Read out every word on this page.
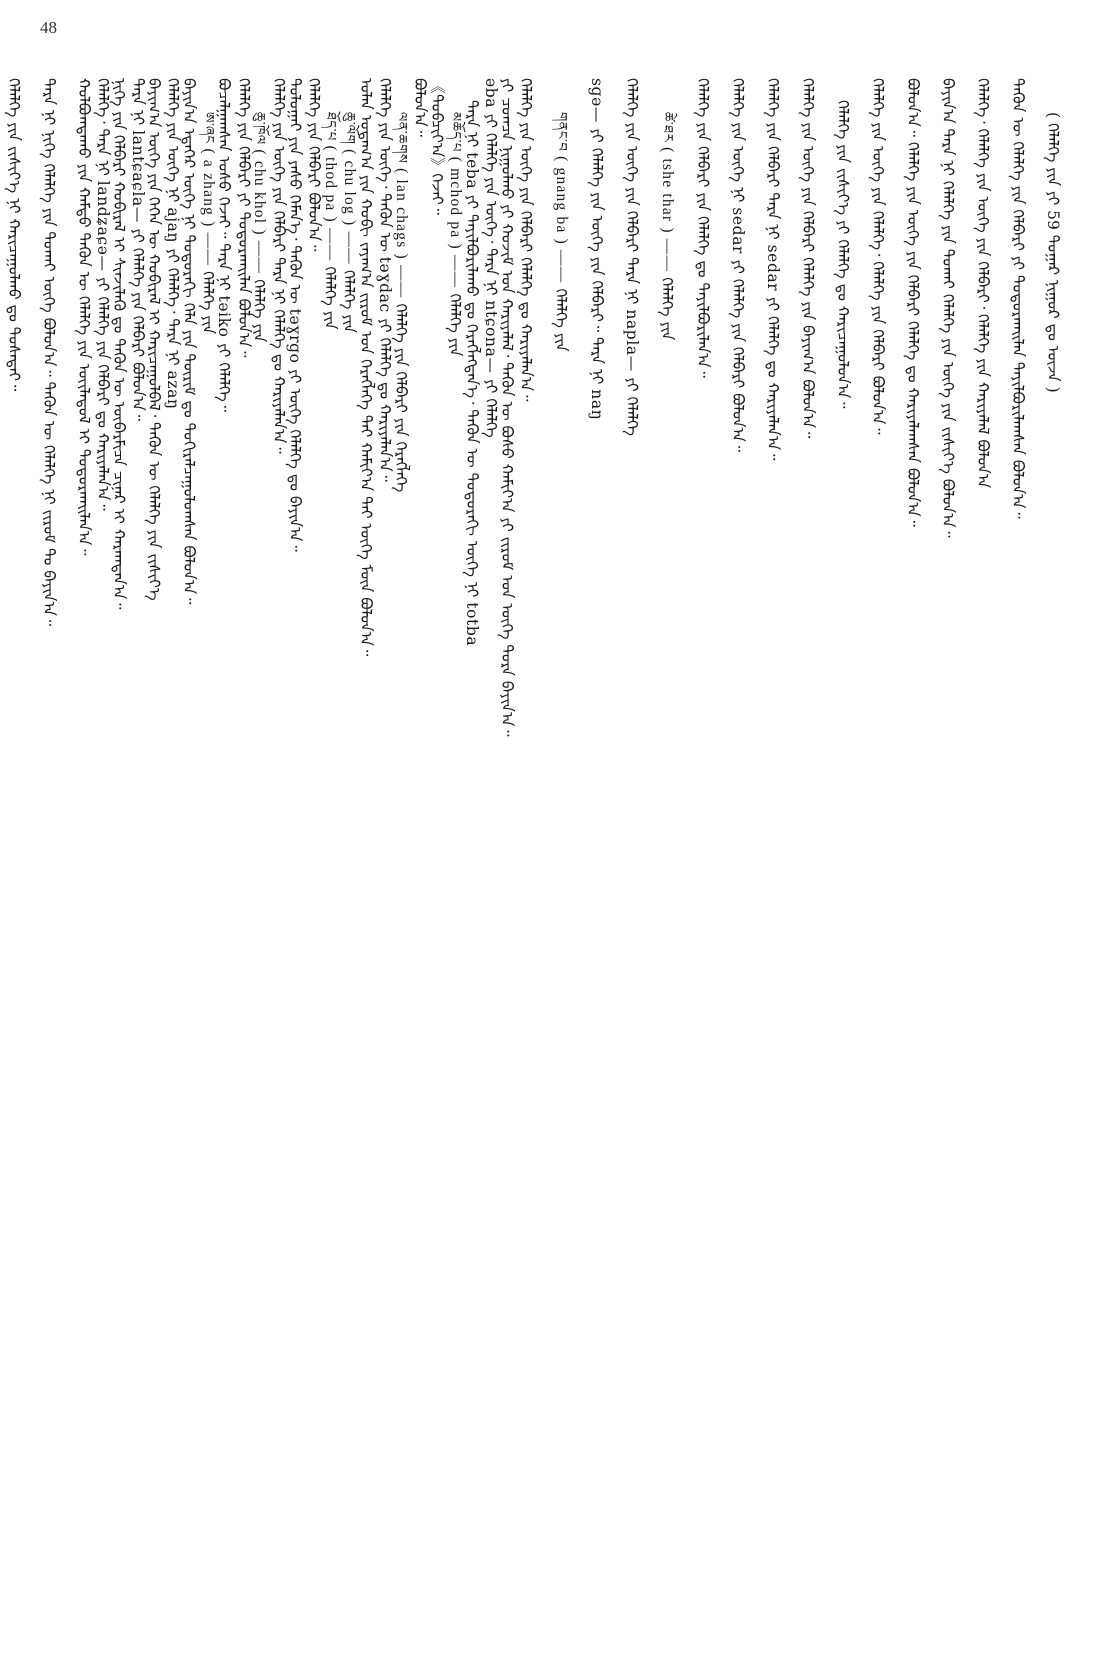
48
( ᠬᠡᠯᠡᠯᠭᠡ ᠶᠢᠨ ᠶᠢ 59 ᠳᠤᠭᠠᠷ ᠨᠢᠭᠤᠷ ᠳᠤ ᠦᠵᠡ )
ᠲᠡᠭᠦᠨ ᠦ ᠬᠡᠯᠡᠯᠭᠡ ᠶᠢᠨ ᠬᠡᠯᠪᠡᠷᠢ ᠶᠢ ᠲᠣᠳᠣᠷᠬᠠᠢᠯᠠᠨ ᠲᠠᠶᠢᠯᠪᠤᠷᠢᠯᠠᠭᠰᠠᠨ ᠪᠣᠯᠤᠨ᠎ᠠ᠃
ᠬᠡᠯᠡᠯᠭᠡ᠂ ᠬᠡᠯᠡᠯᠭᠡ ᠶᠢᠨ ᠦᠭᠡ ᠶᠢᠨ ᠬᠡᠯᠪᠡᠷᠢ᠂ ᠬᠡᠯᠡᠯᠭᠡ ᠶᠢᠨ ᠬᠠᠷᠢᠶᠠᠯᠠᠯ ᠪᠣᠯᠤᠨ᠎ᠠ
ᠪᠠᠶᠢᠨ᠎ᠠ ᠲᠡᠷᠡ ᠨᠢ ᠬᠡᠯᠡᠯᠭᠡ ᠶᠢᠨ ᠲᠣᠬᠠᠶ ᠬᠡᠯᠡᠯᠭᠡ ᠶᠢᠨ ᠦᠭᠡ ᠶᠢᠨ ᠵᠢᠱᠢᠶ᠎ᠡ ᠪᠣᠯᠤᠨ᠎ᠠ᠃
ᠪᠣᠯᠤᠨ᠎ᠠ᠃ ᠬᠡᠯᠡᠯᠭᠡ ᠶᠢᠨ ᠦᠭᠡ ᠶᠢᠨ ᠬᠡᠯᠪᠡᠷᠢ ᠬᠡᠯᠡᠯᠭᠡ ᠳᠤ ᠬᠠᠷᠢᠶᠠᠯᠠᠭᠰᠠᠨ ᠪᠣᠯᠤᠨ᠎ᠠ᠃
ᠬᠡᠯᠡᠯᠭᠡ ᠶᠢᠨ ᠦᠭᠡ ᠶᠢᠨ ᠬᠡᠯᠡᠯᠭᠡ᠂ ᠬᠡᠯᠡᠯᠭᠡ ᠶᠢᠨ ᠬᠡᠯᠪᠡᠷᠢ ᠪᠣᠯᠤᠨ᠎ᠠ᠃
ᠬᠡᠯᠡᠯᠭᠡ ᠶᠢᠨ ᠵᠢᠱᠢᠶ᠎ᠡ ᠶᠢ ᠬᠡᠯᠡᠯᠭᠡ ᠳᠤ ᠬᠠᠷᠢᠴᠠᠭᠤᠯᠤᠨ᠎ᠠ᠃
ᠬᠡᠯᠡᠯᠭᠡ ᠶᠢᠨ ᠦᠭᠡ ᠶᠢᠨ ᠬᠡᠯᠪᠡᠷᠢ ᠬᠡᠯᠡᠯᠭᠡ ᠶᠢᠨ ᠪᠠᠶᠢᠭ᠎ᠠ ᠪᠣᠯᠤᠨ᠎ᠠ᠃
ᠬᠡᠯᠡᠯᠭᠡ ᠶᠢᠨ ᠬᠡᠯᠪᠡᠷᠢ ᠲᠡᠷᠡ ᠨᠢ sedar ᠶᠢ ᠬᠡᠯᠡᠯᠭᠡ ᠳᠤ ᠬᠠᠷᠢᠶᠠᠯᠠᠨ᠎ᠠ᠃
ᠬᠡᠯᠡᠯᠭᠡ ᠶᠢᠨ ᠦᠭᠡ ᠨᠢ sedar ᠶᠢ ᠬᠡᠯᠡᠯᠭᠡ ᠶᠢᠨ ᠬᠡᠯᠪᠡᠷᠢ ᠪᠣᠯᠤᠨ᠎ᠠ᠃
ᠬᠡᠯᠡᠯᠭᠡ ᠶᠢᠨ ᠬᠡᠯᠪᠡᠷᠢ ᠶᠢᠨ ᠬᠡᠯᠡᠯᠭᠡ ᠳᠤ ᠲᠠᠶᠢᠯᠪᠤᠷᠢᠯᠠᠨ᠎ᠠ᠃
ཚེ་ཐར ( tshe thar ) —— ᠬᠡᠯᠡᠯᠭᠡ ᠶᠢᠨ
ᠬᠡᠯᠡᠯᠭᠡ ᠶᠢᠨ ᠦᠭᠡ ᠶᠢᠨ ᠬᠡᠯᠪᠡᠷᠢ ᠲᠡᠷᠡ ᠨᠢ napla— ᠶᠢ ᠬᠡᠯᠡᠯᠭᠡ
sɡə— ᠶᠢ ᠬᠡᠯᠡᠯᠭᠡ ᠶᠢᠨ ᠦᠭᠡ ᠶᠢᠨ ᠬᠡᠯᠪᠡᠷᠢ᠃ ᠲᠡᠷᠡ ᠨᠢ naŋ
གནང་བ ( gnang ba ) —— ᠬᠡᠯᠡᠯᠭᠡ ᠶᠢᠨ
ᠬᠡᠯᠡᠯᠭᠡ ᠶᠢᠨ ᠦᠭᠡ ᠶᠢᠨ ᠬᠡᠯᠪᠡᠷᠢ ᠬᠡᠯᠡᠯᠭᠡ ᠳᠤ ᠬᠠᠷᠢᠶᠠᠯᠠᠨ᠎ᠠ᠃
əba ᠶᠢ ᠬᠡᠯᠡᠯᠭᠡ ᠶᠢᠨ ᠦᠭᠡ᠂ ᠲᠡᠷᠡ ᠨᠢ ntɕona— ᠶᠢ ᠬᠡᠯᠡᠯᠭᠡ
མཆོད་པ ( mchod pa ) —— ᠬᠡᠯᠡᠯᠭᠡ ᠶᠢᠨ
ᠪᠣᠯᠤᠨ᠎ᠠ᠃
ᠬᠡᠯᠡᠯᠭᠡ ᠶᠢᠨ ᠦᠭᠡ᠂ ᠲᠡᠭᠦᠨ ᠦ təɣdac ᠶᠢ ᠬᠡᠯᠡᠯᠭᠡ ᠳᠤ ᠬᠠᠷᠢᠶᠠᠯᠠᠨ᠎ᠠ᠃
ཆུ་ལོག ( chu log ) —— ᠬᠡᠯᠡᠯᠭᠡ ᠶᠢᠨ
ᠬᠡᠯᠡᠯᠭᠡ ᠶᠢᠨ ᠬᠡᠯᠪᠡᠷᠢ ᠪᠣᠯᠤᠨ᠎ᠠ᠃
ᠬᠡᠯᠡᠯᠭᠡ ᠶᠢᠨ ᠦᠭᠡ ᠶᠢᠨ ᠬᠡᠯᠪᠡᠷᠢ ᠲᠡᠷᠡ ᠨᠢ ᠬᠡᠯᠡᠯᠭᠡ ᠳᠤ ᠬᠠᠷᠢᠶᠠᠯᠠᠨ᠎ᠠ᠃
ᠬᠡᠯᠡᠯᠭᠡ ᠶᠢᠨ ᠬᠡᠯᠪᠡᠷᠢ ᠶᠢ ᠲᠣᠳᠣᠷᠬᠠᠢᠯᠠᠨ ᠪᠣᠯᠤᠨ᠎ᠠ᠃
ཨ་ཞང ( a zhang ) —— ᠬᠡᠯᠡᠯᠭᠡ ᠶᠢᠨ
ᠬᠡᠯᠡᠯᠭᠡ ᠶᠢᠨ ᠦᠭᠡ ᠨᠢ ajaŋ ᠶᠢ ᠬᠡᠯᠡᠯᠭᠡ᠂ ᠲᠡᠷᠡ ᠨᠢ azaŋ
ᠲᠡᠷᠡ ᠨᠢ lantɕaɕla— ᠶᠢ ᠬᠡᠯᠡᠯᠭᠡ ᠶᠢᠨ ᠬᠡᠯᠪᠡᠷᠢ ᠪᠣᠯᠤᠨ᠎ᠠ᠃
ᠬᠡᠯᠡᠯᠭᠡ᠂ ᠲᠡᠷᠡ ᠨᠢ landʑaɕə— ᠶᠢ ᠬᠡᠯᠡᠯᠭᠡ ᠶᠢᠨ ᠬᠡᠯᠪᠡᠷᠢ ᠳᠤ ᠬᠠᠷᠢᠶᠠᠯᠠᠨ᠎ᠠ᠃	ᠶᠢ ᠴᠣᠭᠴᠠ ᠨᠢᠭᠤᠯᠬᠤ ᠶᠢ ᠬᠤᠵᠢᠮ ᠤᠨ ᠬᠠᠷᠢᠶᠠᠯᠠᠯ᠂ ᠲᠡᠭᠦᠨ ᠦ ᠪᠤᠰᠤ ᠬᠠᠮᠢᠶ᠎ᠠ ᠶᠢ ᠵᠢᠷᠤᠮ ᠤᠨ ᠦᠭᠡ ᠳᠣᠷᠠ ᠪᠠᠶᠢᠨ᠎ᠠ᠃
ᠲᠡᠷᠡ ᠨᠢ teba ᠶᠢ ᠲᠠᠶᠢᠯᠪᠤᠷᠢᠯᠠᠬᠤ ᠳᠤ ᠬᠡᠷᠡᠭᠯᠡᠭᠳᠡᠨ᠎ᠡ᠂ ᠲᠡᠭᠦᠨ ᠦ ᠳᠣᠲᠣᠷᠠᠬᠢ ᠦᠭᠡ ᠨᠢ totba
《ᠲᠣᠪᠴᠢᠶ᠎ᠠ》ᠭᠡᠵᠡᠢ᠃
ལན་ཆགས ( lan chags ) —— ᠬᠡᠯᠡᠯᠭᠡ ᠶᠢᠨ ᠬᠡᠯᠪᠡᠷᠢ ᠶᠢᠨ ᠬᠡᠷᠡᠭᠯᠡᠭᠡ
ᠣᠯᠠᠨ ᠤᠳᠠᠭ᠎ᠠ ᠶᠢᠨ ᠬᠣᠪᠢ ᠵᠠᠶᠠᠭ᠎ᠠ ᠵᠢᠷᠤᠮ ᠤᠨ ᠬᠡᠷᠡᠭᠯᠡᠭᠡ ᠲᠡᠢ ᠬᠠᠮᠢᠶ᠎ᠠ ᠲᠠᠢ ᠦᠭᠡ ᠮᠥᠨ ᠪᠣᠯᠤᠨ᠎ᠠ᠃
ཐོད་པ ( thod pa ) —— ᠬᠡᠯᠡᠯᠭᠡ ᠶᠢᠨ
ᠲᠣᠯᠤᠭᠠᠢ ᠶᠢᠨ ᠶᠡᠰᠦ ᠬᠡᠮᠡᠨ᠎ᠡ᠂ ᠲᠡᠭᠦᠨ ᠦ təɣrgo ᠶᠢ ᠦᠭᠡ ᠬᠡᠯᠡᠯᠭᠡ ᠳᠤ ᠪᠠᠶᠢᠨ᠎ᠠ᠃
ཆུ་ཁོལ ( chu khol ) —— ᠬᠡᠯᠡᠯᠭᠡ ᠶᠢᠨ
ᠪᠤᠴᠠᠯᠭᠠᠭᠰᠠᠨ ᠤᠰᠤ ᠭᠡᠵᠡᠢ᠃ ᠲᠡᠷᠡ ᠨᠢ təiko ᠶᠢ ᠬᠡᠯᠡᠯᠭᠡ᠃
ᠪᠠᠶᠢᠨ᠎ᠠ ᠡᠳᠡᠭᠡᠷ ᠦᠭᠡ ᠨᠢ ᠳᠣᠲᠣᠷᠠᠬᠢ ᠬᠡᠯᠡ ᠶᠢᠨ ᠳᠦᠷᠢᠮ ᠳᠤ ᠲᠣᠬᠢᠷᠠᠯᠴᠠᠭᠤᠯᠤᠭᠰᠠᠨ ᠪᠣᠯᠤᠨ᠎ᠠ᠃
ᠪᠠᠶᠢᠭ᠎ᠠ ᠦᠭᠡ ᠶᠢᠨ ᠭᠡᠭᠡᠨ ᠦ ᠬᠤᠪᠢᠷᠠᠯ ᠢ ᠬᠠᠷᠢᠴᠠᠭᠤᠯᠪᠠᠯ᠂ ᠲᠡᠭᠦᠨ ᠦ ᠬᠡᠯᠡᠯᠭᠡ ᠶᠢᠨ ᠵᠢᠱᠢᠶ᠎ᠡ
ᠨᠢᠭᠡ ᠶᠢᠨ ᠬᠡᠯᠪᠡᠷᠢ ᠬᠤᠪᠢᠷᠠᠯ ᠢ ᠰᠢᠨᠵᠢᠯᠡᠬᠦ ᠳᠤ ᠲᠡᠭᠦᠨ ᠦ ᠥᠪᠡᠷᠮᠢᠴᠡ ᠴᠢᠨᠠᠷ ᠢ ᠬᠠᠷᠠᠭᠳᠠᠨ᠎ᠠ᠃
ᠬᠣᠯᠪᠣᠭᠳᠠᠬᠤ ᠶᠢᠨ ᠬᠠᠮᠲᠤ ᠲᠡᠭᠦᠨ ᠦ ᠬᠡᠯᠡᠯᠭᠡ ᠶᠢᠨ ᠦᠢᠯᠡᠳᠦᠯ ᠢ ᠲᠣᠳᠣᠷᠬᠠᠢᠯᠠᠨ᠎ᠠ᠃
ᠲᠡᠷᠡ ᠨᠢ ᠨᠢᠭᠡ ᠬᠡᠯᠡᠯᠭᠡ ᠶᠢᠨ ᠲᠣᠬᠠᠶ ᠦᠭᠡ ᠪᠣᠯᠤᠨ᠎ᠠ᠃ ᠲᠡᠭᠦᠨ ᠦ ᠬᠡᠯᠡᠯᠭᠡ ᠨᠢ ᠵᠢᠷᠤᠮ ᠲᠤ ᠪᠠᠶᠢᠨ᠎ᠠ᠃
ᠬᠡᠯᠡᠯᠭᠡ ᠶᠢᠨ ᠵᠢᠱᠢᠶ᠎ᠡ ᠨᠢ ᠬᠠᠷᠢᠴᠠᠭᠤᠯᠬᠤ ᠳᠤ ᠲᠤᠰᠠᠲᠠᠢ᠃
